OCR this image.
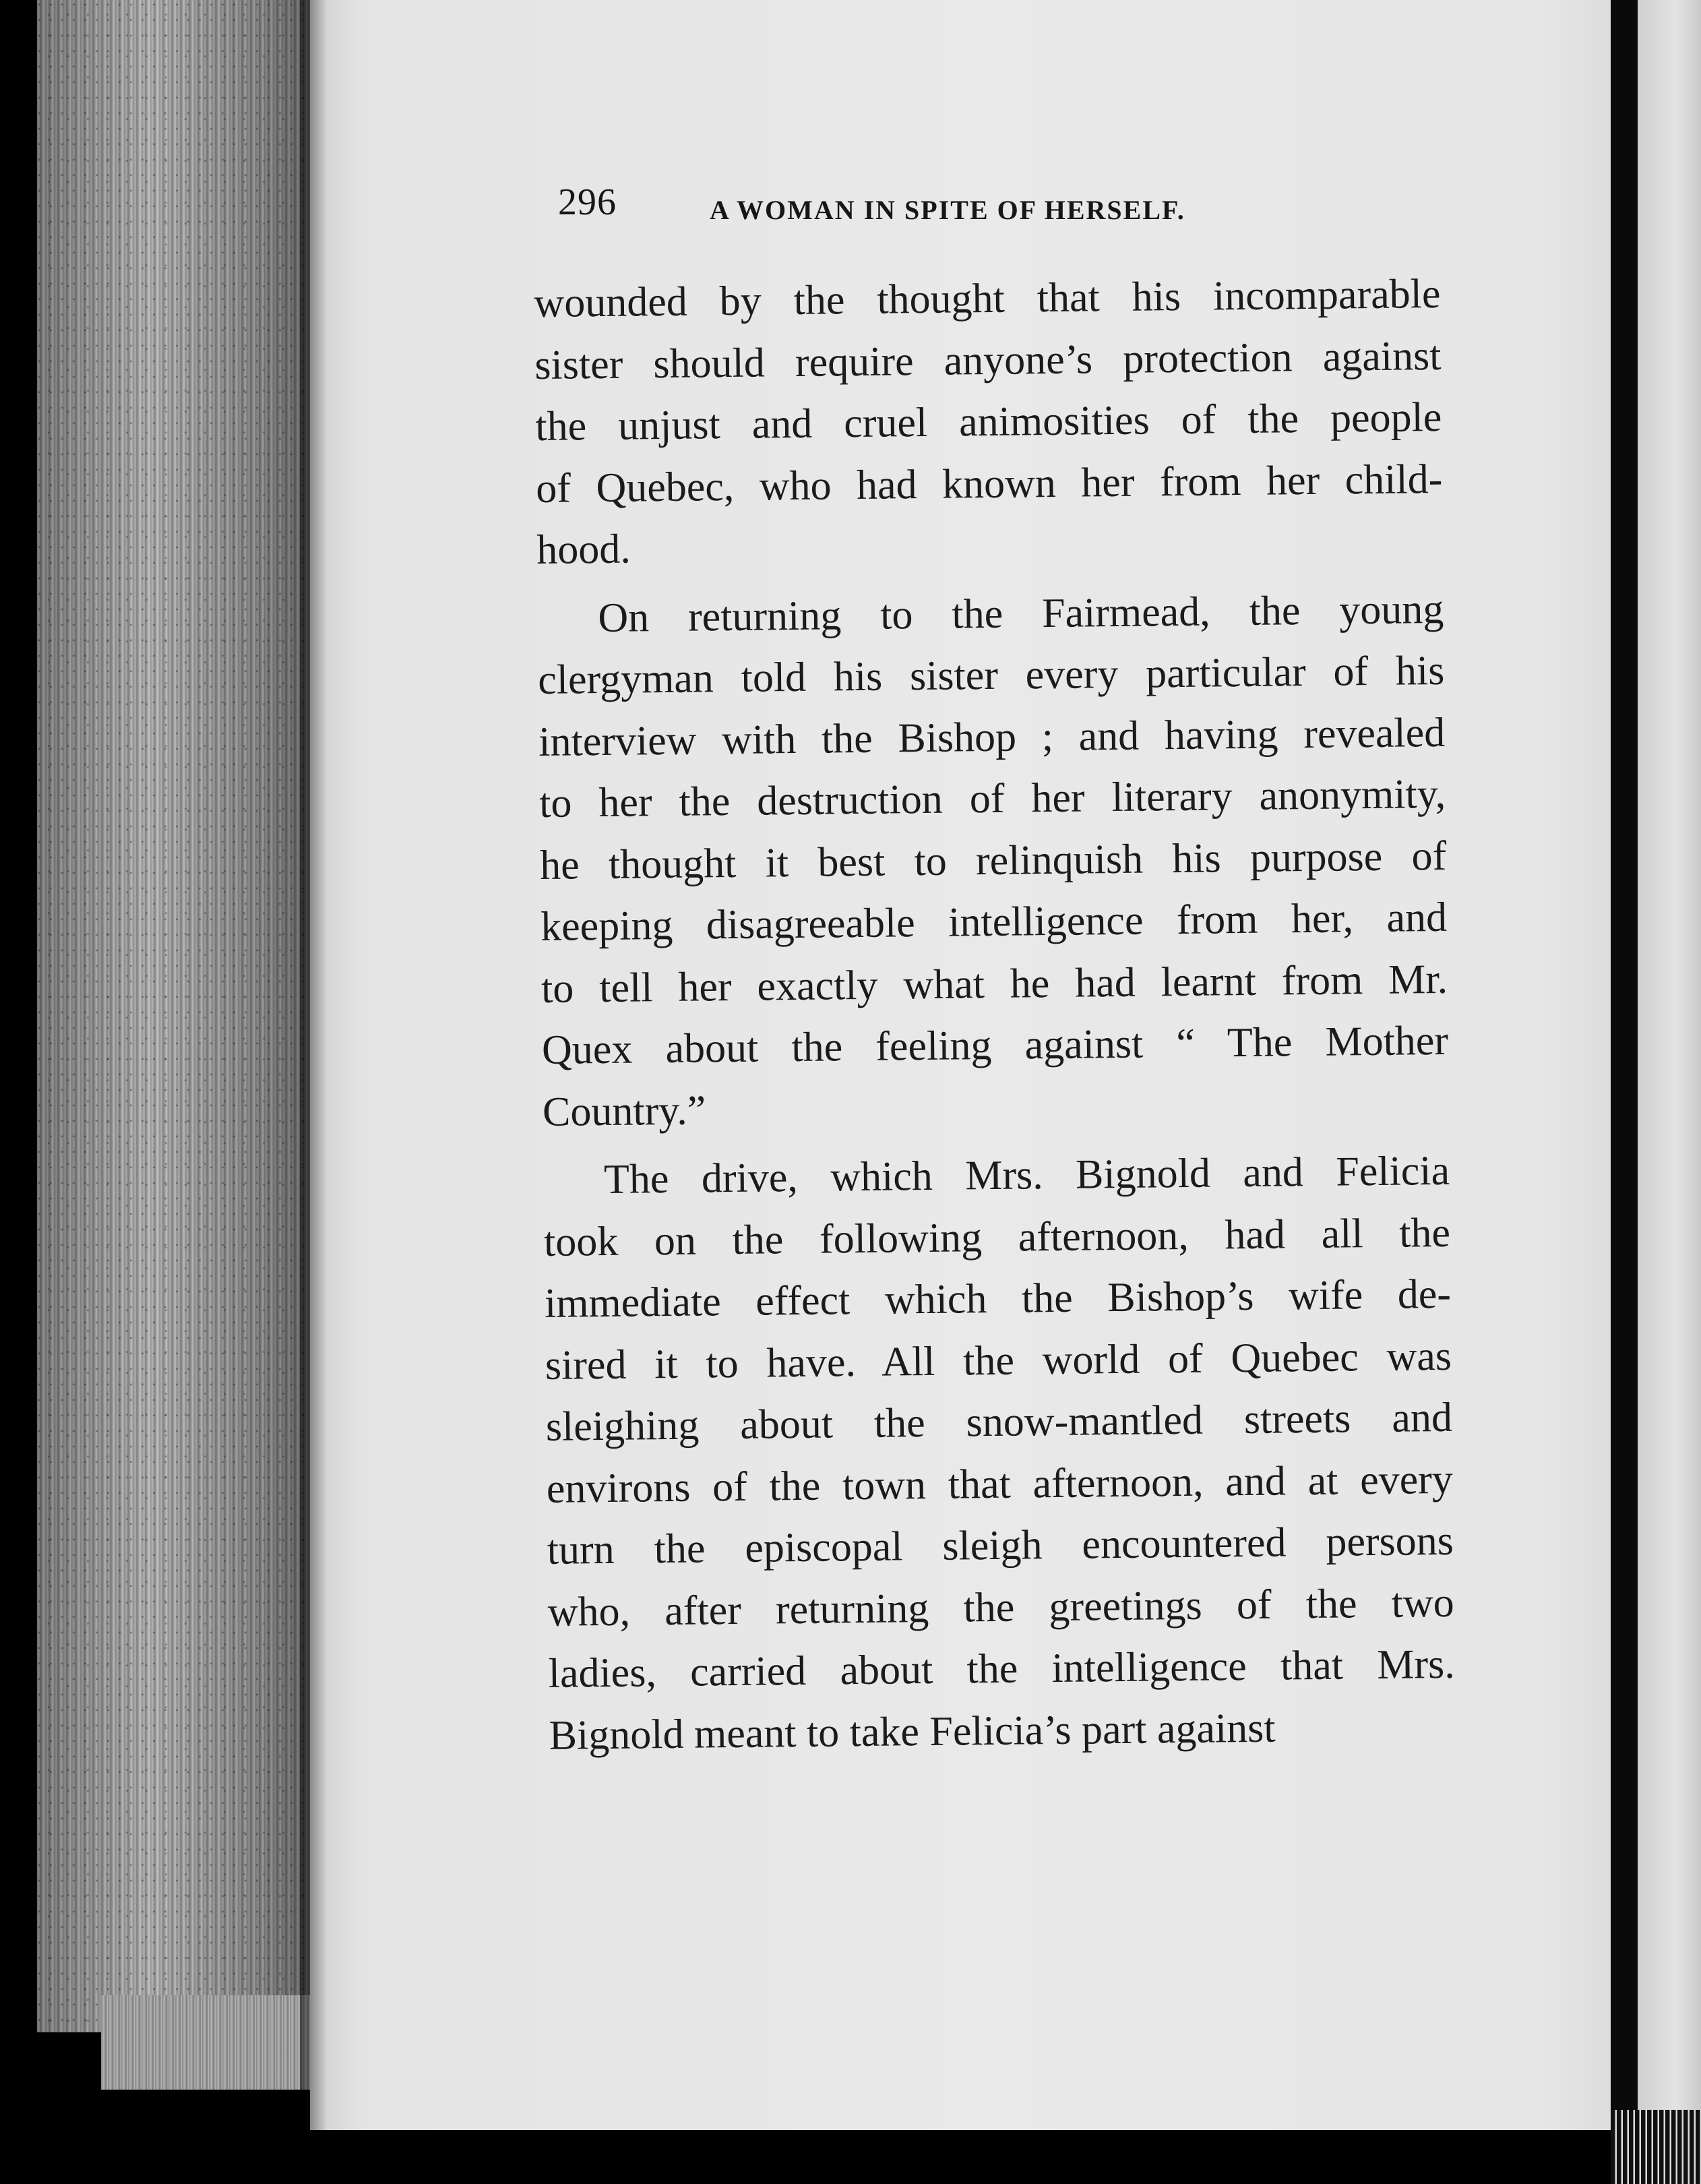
296	A WOMAN IN SPITE OF HERSELF.
wounded by the thought that his incomparable
sister should require anyone’s protection against
the unjust and cruel animosities of the people
of Quebec, who had known her from her child-
hood.
On returning to the Fairmead, the young
clergyman told his sister every particular of his
interview with the Bishop ; and having revealed
to her the destruction of her literary anonymity,
he thought it best to relinquish his purpose of
keeping disagreeable intelligence from her, and
to tell her exactly what he had learnt from Mr.
Quex about the feeling against “ The Mother
Country.”
The drive, which Mrs. Bignold and Felicia
took on the following afternoon, had all the
immediate effect which the Bishop’s wife de-
sired it to have. All the world of Quebec was
sleighing about the snow-mantled streets and
environs of the town that afternoon, and at every
turn the episcopal sleigh encountered persons
who, after returning the greetings of the two
ladies, carried about the intelligence that Mrs.
Bignold meant to take Felicia’s part against
